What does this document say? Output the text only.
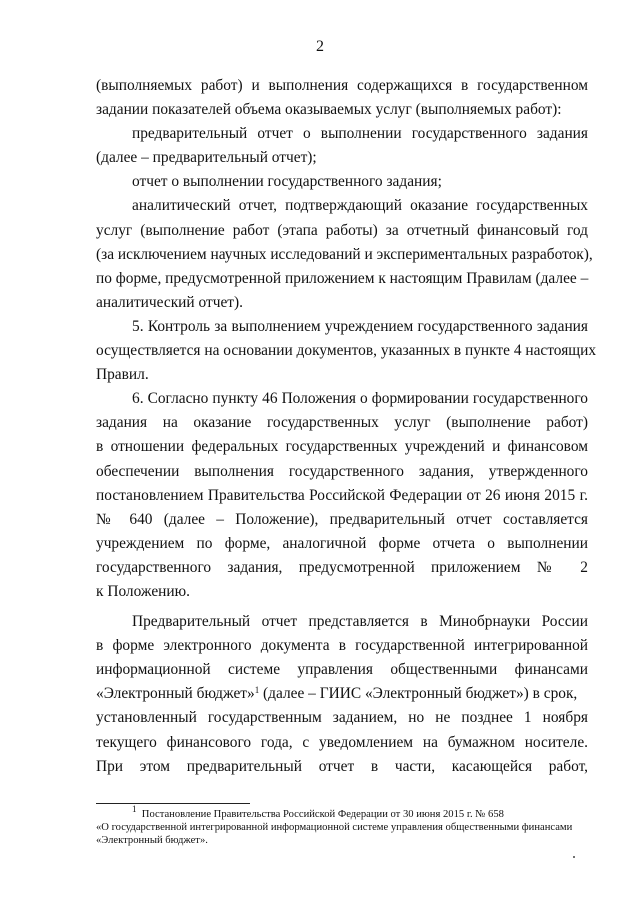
2
(выполняемых работ) и выполнения содержащихся в государственном
задании показателей объема оказываемых услуг (выполняемых работ):
предварительный отчет о выполнении государственного задания
(далее – предварительный отчет);
отчет о выполнении государственного задания;
аналитический отчет, подтверждающий оказание государственных
услуг (выполнение работ (этапа работы) за отчетный финансовый год
(за исключением научных исследований и экспериментальных разработок),
по форме, предусмотренной приложением к настоящим Правилам (далее –
аналитический отчет).
5. Контроль за выполнением учреждением государственного задания
осуществляется на основании документов, указанных в пункте 4 настоящих
Правил.
6. Согласно пункту 46 Положения о формировании государственного
задания на оказание государственных услуг (выполнение работ)
в отношении федеральных государственных учреждений и финансовом
обеспечении выполнения государственного задания, утвержденного
постановлением Правительства Российской Федерации от 26 июня 2015 г.
№ 640 (далее – Положение), предварительный отчет составляется
учреждением по форме, аналогичной форме отчета о выполнении
государственного задания, предусмотренной приложением № 2
к Положению.
Предварительный отчет представляется в Минобрнауки России
в форме электронного документа в государственной интегрированной
информационной системе управления общественными финансами
«Электронный бюджет»$^1$ (далее – ГИИС «Электронный бюджет») в срок,
установленный государственным заданием, но не позднее 1 ноября
текущего финансового года, с уведомлением на бумажном носителе.
При этом предварительный отчет в части, касающейся работ,
$^1$ Постановление Правительства Российской Федерации от 30 июня 2015 г. № 658
«О государственной интегрированной информационной системе управления общественными финансами
«Электронный бюджет».
